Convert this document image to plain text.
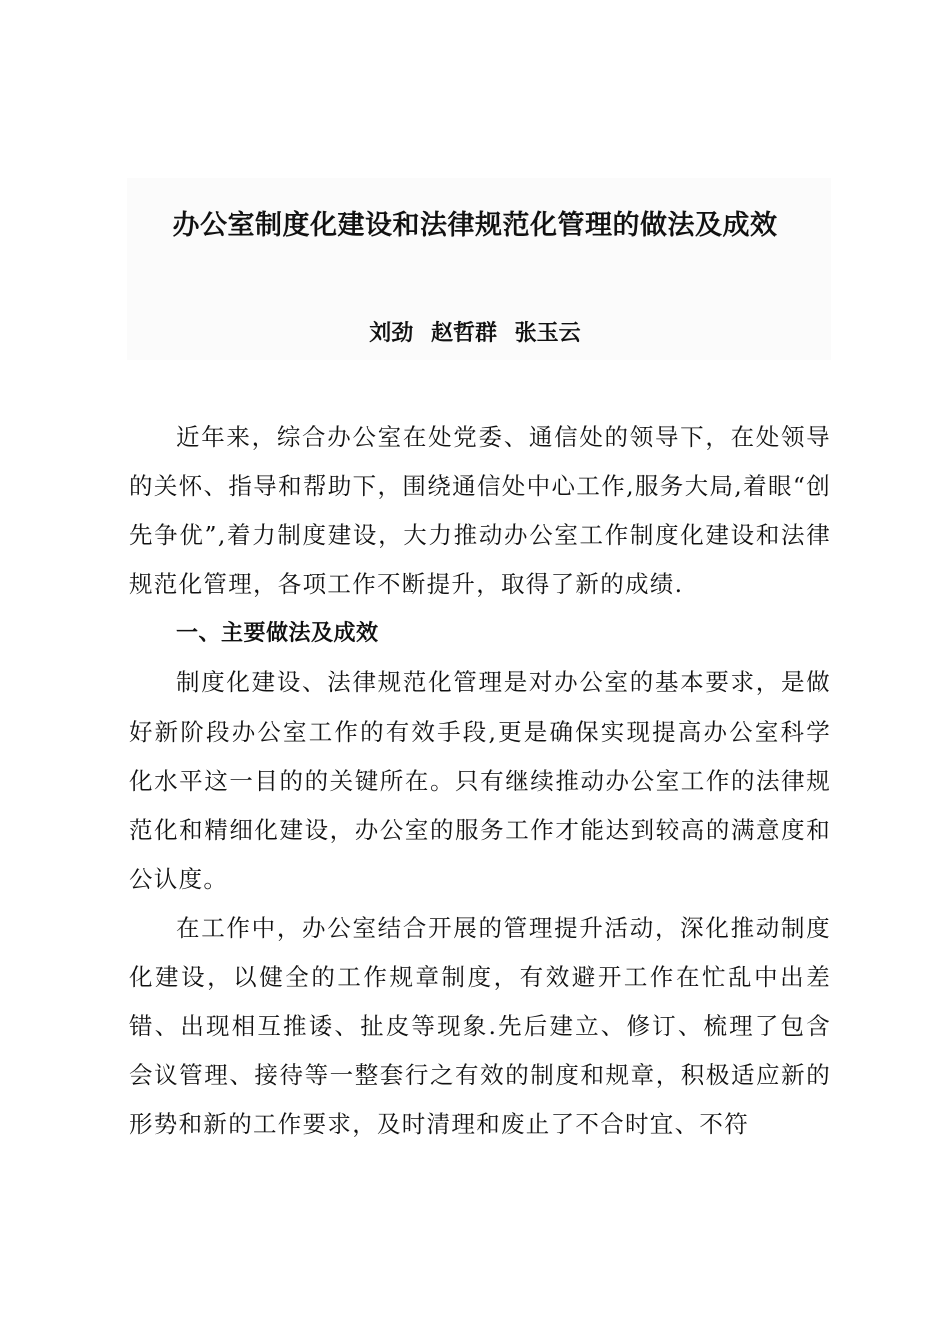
办公室制度化建设和法律规范化管理的做法及成效
刘劲 赵哲群 张玉云

近年来，综合办公室在处党委、通信处的领导下，在处领导的关怀、指导和帮助下，围绕通信处中心工作,服务大局,着眼“创先争优”,着力制度建设，大力推动办公室工作制度化建设和法律规范化管理，各项工作不断提升，取得了新的成绩.

一、主要做法及成效

制度化建设、法律规范化管理是对办公室的基本要求，是做好新阶段办公室工作的有效手段,更是确保实现提高办公室科学化水平这一目的的关键所在。只有继续推动办公室工作的法律规范化和精细化建设，办公室的服务工作才能达到较高的满意度和公认度。

在工作中，办公室结合开展的管理提升活动，深化推动制度化建设，以健全的工作规章制度，有效避开工作在忙乱中出差错、出现相互推诿、扯皮等现象.先后建立、修订、梳理了包含会议管理、接待等一整套行之有效的制度和规章，积极适应新的形势和新的工作要求，及时清理和废止了不合时宜、不符
